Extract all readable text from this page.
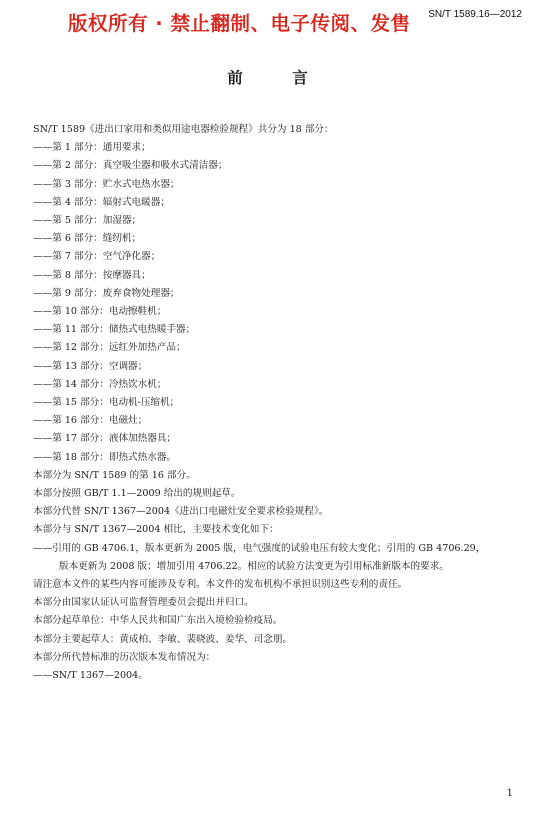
版权所有 · 禁止翻制、电子传阅、发售 SN/T 1589.16—2012
前 言

SN/T 1589《进出口家用和类似用途电器检验规程》共分为 18 部分：

——第 1 部分：通用要求；

——第 2 部分：真空吸尘器和吸水式清洁器；

——第 3 部分：贮水式电热水器；

——第 4 部分：辐射式电暖器；

——第 5 部分：加湿器；

——第 6 部分：缝纫机；

——第 7 部分：空气净化器；

——第 8 部分：按摩器具；

——第 9 部分：废弃食物处理器；

——第 10 部分：电动擦鞋机；

——第 11 部分：储热式电热暖手器；

——第 12 部分：远红外加热产品；

——第 13 部分：空调器；

——第 14 部分：冷热饮水机；

——第 15 部分：电动机-压缩机；

——第 16 部分：电磁灶；

——第 17 部分：液体加热器具；

——第 18 部分：即热式热水器。

本部分为 SN/T 1589 的第 16 部分。

本部分按照 GB/T 1.1—2009 给出的规则起草。

本部分代替 SN/T 1367—2004《进出口电磁灶安全要求检验规程》。

本部分与 SN/T 1367—2004 相比，主要技术变化如下：

——引用的 GB 4706.1，版本更新为 2005 版，电气强度的试验电压有较大变化；引用的 GB 4706.29，

版本更新为 2008 版；增加引用 4706.22。相应的试验方法变更为引用标准新版本的要求。

请注意本文件的某些内容可能涉及专利。本文件的发布机构不承担识别这些专利的责任。

本部分由国家认证认可监督管理委员会提出并归口。

本部分起草单位：中华人民共和国广东出入境检验检疫局。

本部分主要起草人：黄成柏、李敏、裴晓波、姜华、司念朋。

本部分所代替标准的历次版本发布情况为：

——SN/T 1367—2004。

1
